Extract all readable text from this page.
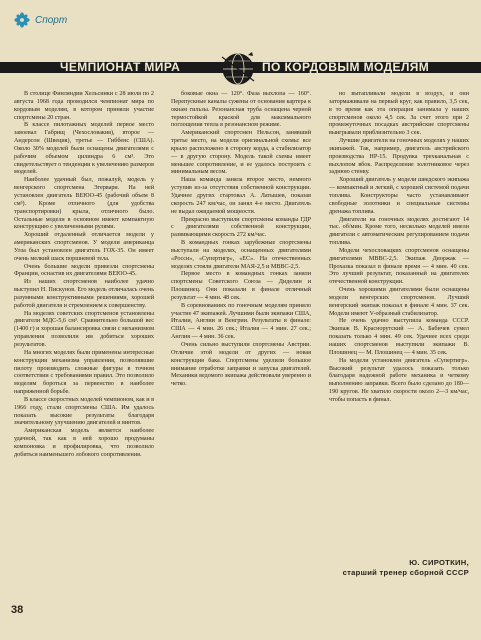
Спорт
ЧЕМПИОНАТ МИРА	ПО КОРДОВЫМ МОДЕЛЯМ

В столице Финляндии Хельсинки с 28 июля по 2 августа 1968 года проводился чемпионат мира по кордовым моделям, в котором приняли участие спортсмены 20 стран.

В классе пилотажных моделей первое место завоевал Габрищ (Чехословакия), второе — Андерсон (Швеция), третье — Гиббенс (США). Около 30% моделей были оснащены двигателями с рабочим объемом цилиндра 6 см³. Это свидетельствует о тенденции к увеличению размеров моделей.

Наиболее удачный был, пожалуй, модель у венгерского спортсмена Эгервари. На ней установлен двигатель ВЕЮО-45 (рабочий объем 8 см³). Кроме отличного (для удобства транспортировки) крыла, отличного было. Остальные модели в основном имеют компактную конструкцию с увеличенными рулями.

Хороший отдаленный отличается модели у американских спортсменов. У модели американца Улза был установлен двигатель ГОХ-35. Он имеет очень мелкий шаск поршневой тела.

Очень большие модели привезли спортсмены Франции, оснастив их двигателями ВЕЮО-45.

Из наших спортсменов наиболее удачно выступил Н. Пискунов. Его модель отличалась очень разумными конструктивными решениями, хорошей работой двигателя и стремлением к совершенству.

На моделях советских спортсменов установлены двигатели МДС-5,6 см³. Сравнительно большой вес (1400 г) и хорошая балансировка связи с механизмом управления позволили им добиться хороших результатов.

На многих моделях были применены интересные конструкции механизма управления, позволявшие пилоту производить сложные фигуры в точном соответствии с требованиями правил. Это позволило моделям бороться за первенство в наиболее напряженной борьбе.

В классе скоростных моделей чемпионом, как и в 1966 году, стали спортсмены США. Им удалось показать высокие результаты благодаря значительному улучшению двигателей и винтов.

Американская модель является наиболее удачной, так как в ней хорошо продуманы компоновка и профилировка, что позволило добиться наименьшего лобового сопротивления.

боковые окна — 120°. Фаза выхлопа — 160°. Перепускные каналы сужены от основания картера к окнам гильзы. Резонансная труба оснащена черной термостойкой краской для максимального поглощения тепла в резонансном режиме.

Американский спортсмен Нельсон, занявший третье место, на модели оригинальной схемы: все крыло расположено в сторону корда, а стабилизатор — в другую сторону. Модель такой схемы имеет меньшее сопротивление, и ее удалось построить с минимальным весом.

Наша команда заняла второе место, немного уступив из-за отсутствия собственной конструкции. Удачнее других стартовал А. Латышев, показав скорость 247 км/час, он занял 4-е место. Двигатель не выдал ожидаемой мощности.

Прекрасно выступили спортсмены команды ГДР с двигателями собственной конструкции, развивающими скорость 272 км/час.

В командных гонках зарубежные спортсмены выступали на моделях, оснащенных двигателями «Росси», «Супертигр», «ЕС». На отечественных моделях стояли двигатели МАЯ-2,5 и МВВС-2,5.

Первое место в командных гонках заняли спортсмены Советского Союза — Диделин и Плошинец. Они показали в финале отличный результат — 4 мин. 48 сек.

В соревнованиях по гоночным моделям приняло участие 47 экипажей. Лучшими были экипажи США, Италии, Англии и Венгрии. Результаты в финале: США — 4 мин. 26 сек.; Италия — 4 мин. 27 сек.; Англия — 4 мин. 36 сек.

Очень сильно выступили спортсмены Австрии. Отличие этой модели от других — новая конструкция бака. Спортсмены уделили большое внимание отработке заправки и запуска двигателей. Механики ведомого экипажа действовали уверенно и четко.

но вытапливали модели в воздух, и они затормаживали на первый круг, как правило, 3,5 сек, в то время как эта операция занимала у наших спортсменов около 4,5 сек. За счет этого при 2 промежуточных посадках австрийские спортсмены выигрывали приблизительно 3 сек.

Лучшие двигатели на гоночных моделях у наших экипажей. Так, например, двигатель австрийского производства НР-15. Продувка трехканальная с выхлопом вбок. Распределение золотниковое через заднюю стенку.

Хороший двигатель у модели шведского экипажа — компактный и легкий, с хорошей системой подачи топлива. Конструкторы часто устанавливают свободные золотники и специальные системы дренажа топлива.

Двигатели на гоночных моделях достигают 14 тыс. об/мин. Кроме того, несколько моделей имели двигатели с автоматическим регулированием подачи топлива.

Модели чехословацких спортсменов оснащены двигателями МВВС-2,5. Экипаж Дворжак — Прохазка показал в финале время — 4 мин. 40 сек. Это лучший результат, показанный на двигателях отечественной конструкции.

Очень хорошими двигателями были оснащены модели венгерских спортсменов. Лучший венгерский экипаж показал в финале 4 мин. 37 сек. Модели имеют V-образный стабилизатор.

Не очень удачно выступила команда СССР. Экипаж В. Краснорутский — А. Бабичев сумел показать только 4 мин. 49 сек. Удачнее всех среди наших спортсменов выступили экипажи В. Плошинец — М. Плошинец — 4 мин. 35 сек.

На модели установлен двигатель «Супертигр». Высокий результат удалось показать только благодаря надежной работе механика и четкому выполнению заправки. Всего было сделано до 180—190 кругов. Не хватило скорости около 2—3 км/час, чтобы попасть в финал.

Ю. СИРОТКИН,
старший тренер сборной СССР
38
